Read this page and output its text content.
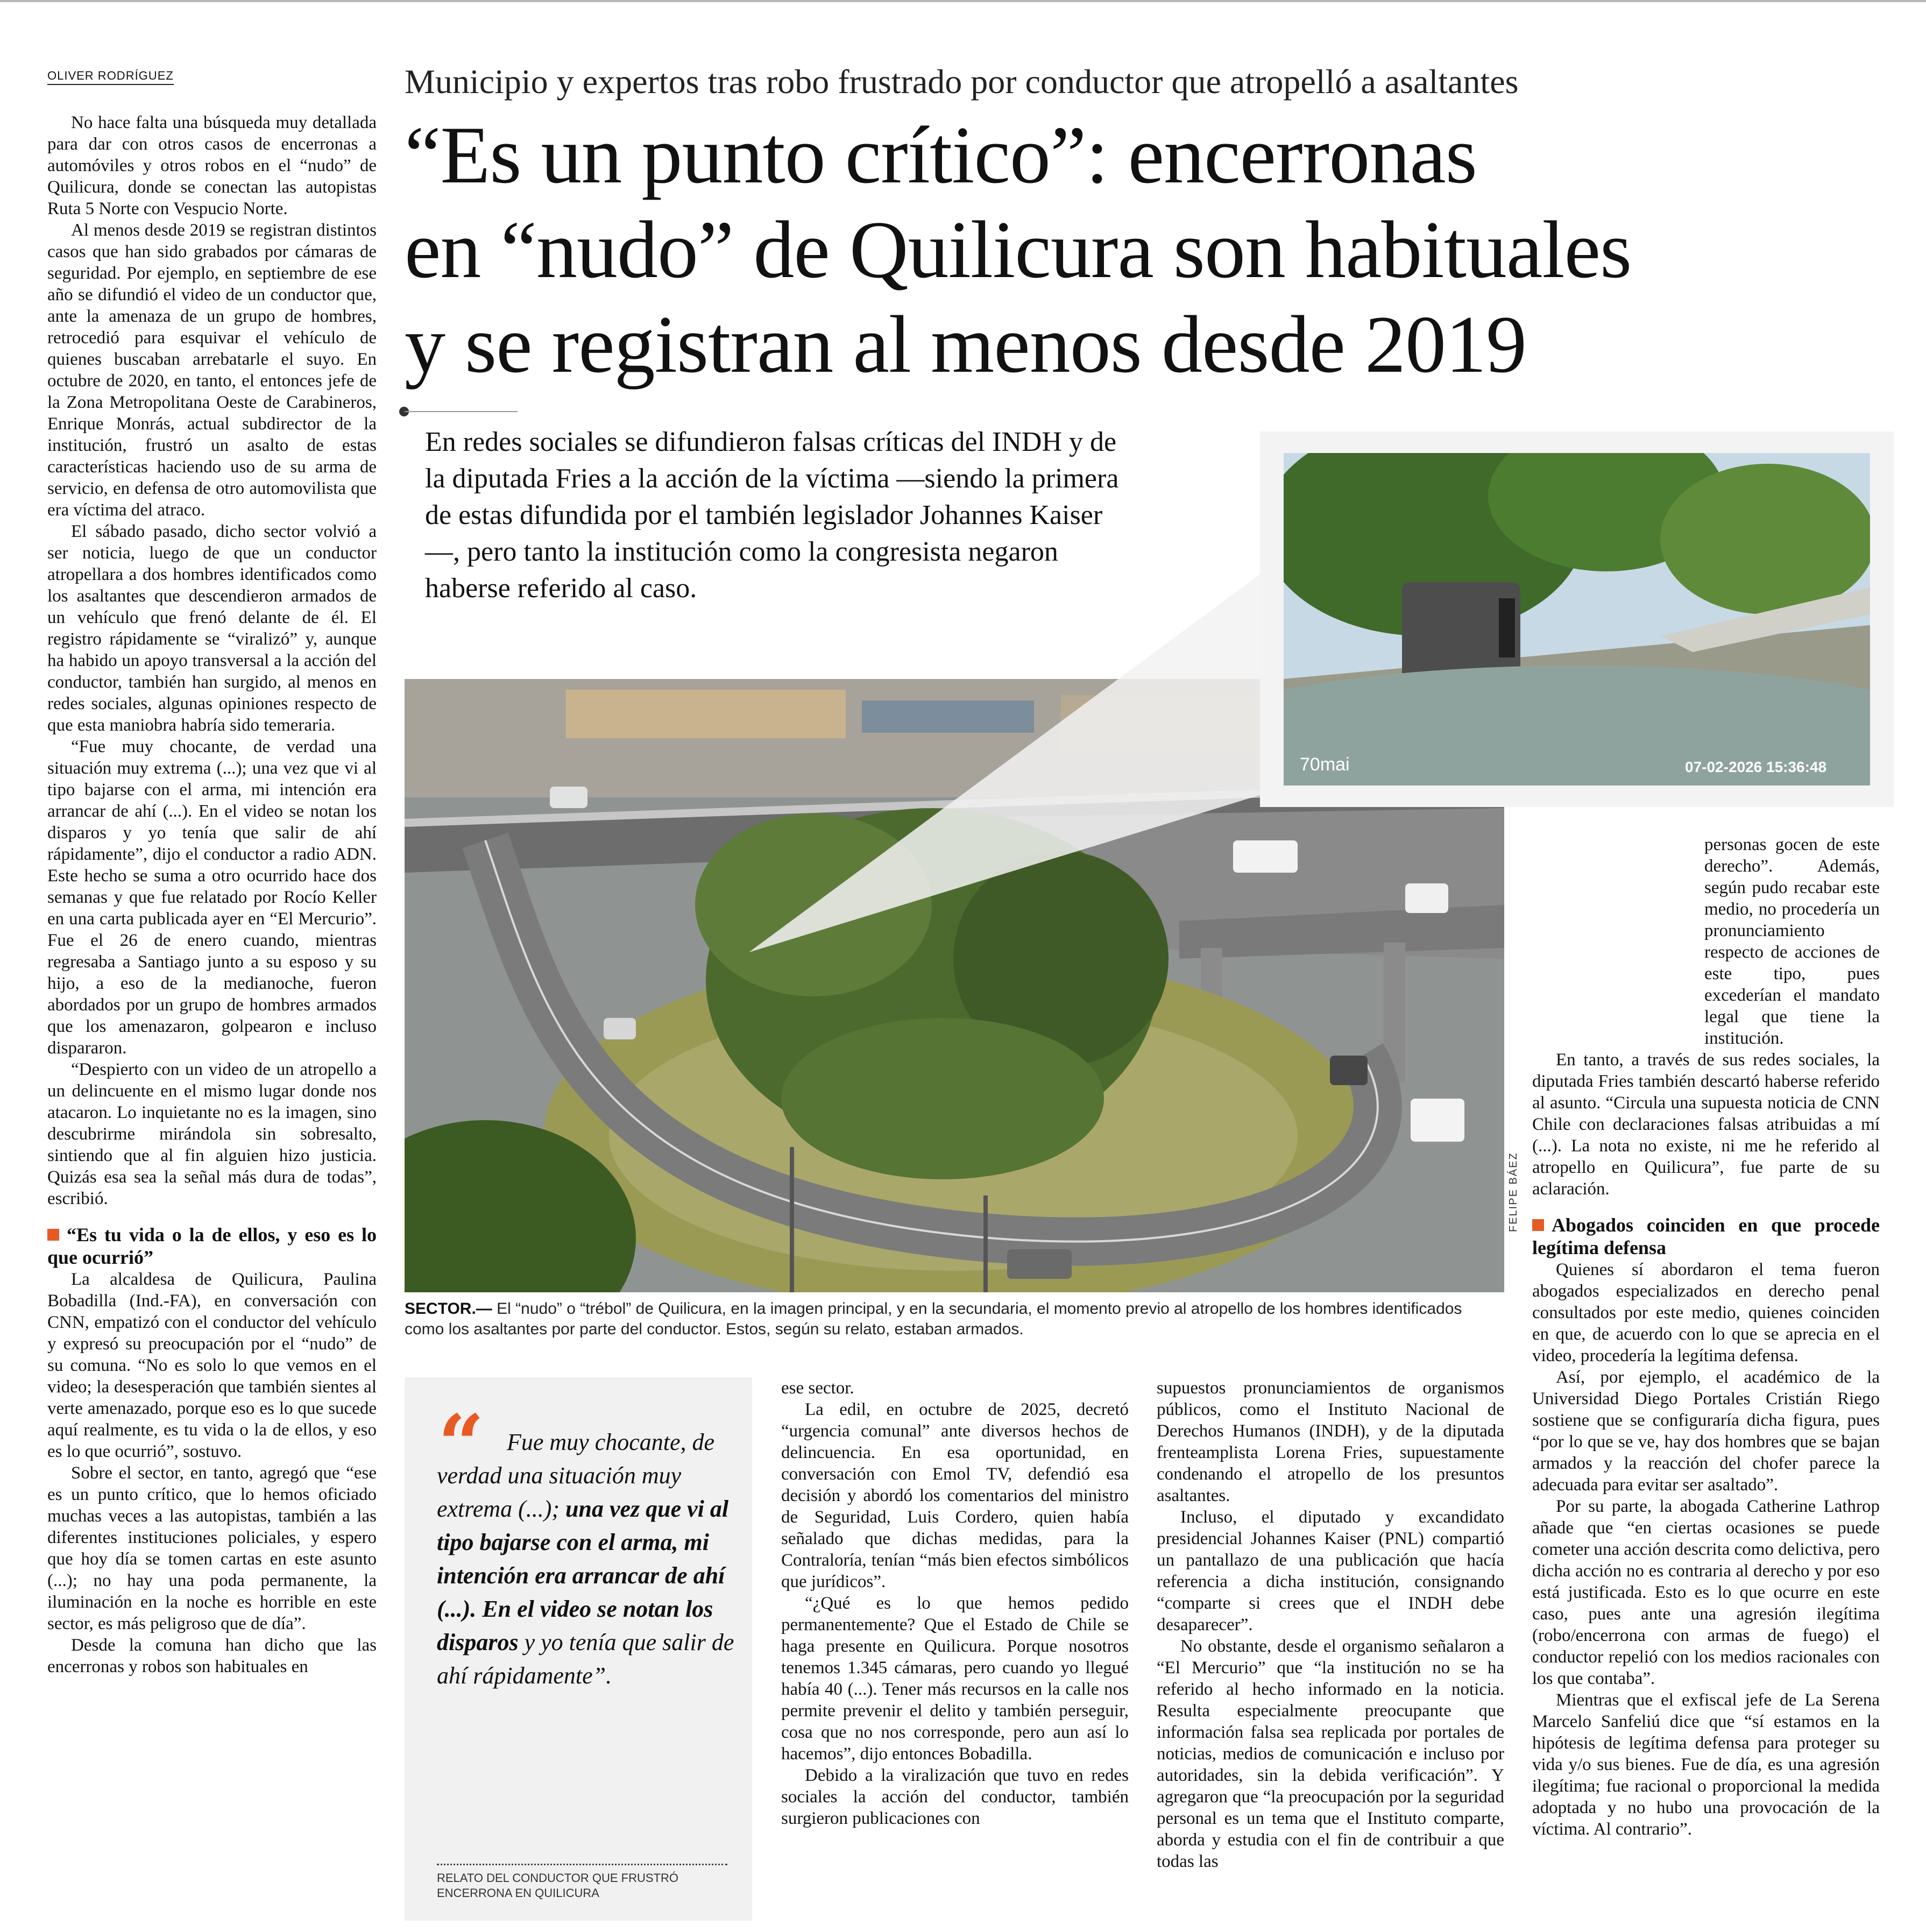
OLIVER RODRÍGUEZ	Municipio y expertos tras robo frustrado por conductor que atropelló a asaltantes
“Es un punto crítico”: encerronas
en “nudo” de Quilicura son habituales
y se registran al menos desde 2019
En redes sociales se difundieron falsas críticas del INDH y de la diputada Fries a la acción de la víctima —siendo la primera de estas difundida por el también legislador Johannes Kaiser—, pero tanto la institución como la congresista negaron haberse referido al caso.

No hace falta una búsqueda muy detallada para dar con otros casos de encerronas a automóviles y otros robos en el “nudo” de Quilicura, donde se conectan las autopistas Ruta 5 Norte con Vespucio Norte.

Al menos desde 2019 se registran distintos casos que han sido grabados por cámaras de seguridad. Por ejemplo, en septiembre de ese año se difundió el video de un conductor que, ante la amenaza de un grupo de hombres, retrocedió para esquivar el vehículo de quienes buscaban arrebatarle el suyo. En octubre de 2020, en tanto, el entonces jefe de la Zona Metropolitana Oeste de Carabineros, Enrique Monrás, actual subdirector de la institución, frustró un asalto de estas características haciendo uso de su arma de servicio, en defensa de otro automovilista que era víctima del atraco.

El sábado pasado, dicho sector volvió a ser noticia, luego de que un conductor atropellara a dos hombres identificados como los asaltantes que descendieron armados de un vehículo que frenó delante de él. El registro rápidamente se “viralizó” y, aunque ha habido un apoyo transversal a la acción del conductor, también han surgido, al menos en redes sociales, algunas opiniones respecto de que esta maniobra habría sido temeraria.

“Fue muy chocante, de verdad una situación muy extrema (...); una vez que vi al tipo bajarse con el arma, mi intención era arrancar de ahí (...). En el video se notan los disparos y yo tenía que salir de ahí rápidamente”, dijo el conductor a radio ADN. Este hecho se suma a otro ocurrido hace dos semanas y que fue relatado por Rocío Keller en una carta publicada ayer en “El Mercurio”. Fue el 26 de enero cuando, mientras regresaba a Santiago junto a su esposo y su hijo, a eso de la medianoche, fueron abordados por un grupo de hombres armados que los amenazaron, golpearon e incluso dispararon.

“Despierto con un video de un atropello a un delincuente en el mismo lugar donde nos atacaron. Lo inquietante no es la imagen, sino descubrirme mirándola sin sobresalto, sintiendo que al fin alguien hizo justicia. Quizás esa sea la señal más dura de todas”, escribió.

“Es tu vida o la de ellos, y eso es lo que ocurrió”

La alcaldesa de Quilicura, Paulina Bobadilla (Ind.-FA), en conversación con CNN, empatizó con el conductor del vehículo y expresó su preocupación por el “nudo” de su comuna. “No es solo lo que vemos en el video; la desesperación que también sientes al verte amenazado, porque eso es lo que sucede aquí realmente, es tu vida o la de ellos, y eso es lo que ocurrió”, sostuvo.

Sobre el sector, en tanto, agregó que “ese es un punto crítico, que lo hemos oficiado muchas veces a las autopistas, también a las diferentes instituciones policiales, y espero que hoy día se tomen cartas en este asunto (...); no hay una poda permanente, la iluminación en la noche es horrible en este sector, es más peligroso que de día”.

Desde la comuna han dicho que las encerronas y robos son habituales en

70mai	07-02-2026 15:36:48
FELIPE BÁEZ
SECTOR.— El “nudo” o “trébol” de Quilicura, en la imagen principal, y en la secundaria, el momento previo al atropello de los hombres identificados como los asaltantes por parte del conductor. Estos, según su relato, estaban armados.
“ Fue muy chocante, de verdad una situación muy extrema (...); una vez que vi al tipo bajarse con el arma, mi intención era arrancar de ahí (...). En el video se notan los disparos y yo tenía que salir de ahí rápidamente”.
RELATO DEL CONDUCTOR QUE FRUSTRÓ ENCERRONA EN QUILICURA

ese sector.

La edil, en octubre de 2025, decretó “urgencia comunal” ante diversos hechos de delincuencia. En esa oportunidad, en conversación con Emol TV, defendió esa decisión y abordó los comentarios del ministro de Seguridad, Luis Cordero, quien había señalado que dichas medidas, para la Contraloría, tenían “más bien efectos simbólicos que jurídicos”.

“¿Qué es lo que hemos pedido permanentemente? Que el Estado de Chile se haga presente en Quilicura. Porque nosotros tenemos 1.345 cámaras, pero cuando yo llegué había 40 (...). Tener más recursos en la calle nos permite prevenir el delito y también perseguir, cosa que no nos corresponde, pero aun así lo hacemos”, dijo entonces Bobadilla.

Debido a la viralización que tuvo en redes sociales la acción del conductor, también surgieron publicaciones con

supuestos pronunciamientos de organismos públicos, como el Instituto Nacional de Derechos Humanos (INDH), y de la diputada frenteamplista Lorena Fries, supuestamente condenando el atropello de los presuntos asaltantes.

Incluso, el diputado y excandidato presidencial Johannes Kaiser (PNL) compartió un pantallazo de una publicación que hacía referencia a dicha institución, consignando “comparte si crees que el INDH debe desaparecer”.

No obstante, desde el organismo señalaron a “El Mercurio” que “la institución no se ha referido al hecho informado en la noticia. Resulta especialmente preocupante que información falsa sea replicada por portales de noticias, medios de comunicación e incluso por autoridades, sin la debida verificación”. Y agregaron que “la preocupación por la seguridad personal es un tema que el Instituto comparte, aborda y estudia con el fin de contribuir a que todas las

personas gocen de este derecho”. Además, según pudo recabar este medio, no procedería un pronunciamiento respecto de acciones de este tipo, pues excederían el mandato legal que tiene la institución.

En tanto, a través de sus redes sociales, la diputada Fries también descartó haberse referido al asunto. “Circula una supuesta noticia de CNN Chile con declaraciones falsas atribuidas a mí (...). La nota no existe, ni me he referido al atropello en Quilicura”, fue parte de su aclaración.

Abogados coinciden en que procede legítima defensa

Quienes sí abordaron el tema fueron abogados especializados en derecho penal consultados por este medio, quienes coinciden en que, de acuerdo con lo que se aprecia en el video, procedería la legítima defensa.

Así, por ejemplo, el académico de la Universidad Diego Portales Cristián Riego sostiene que se configuraría dicha figura, pues “por lo que se ve, hay dos hombres que se bajan armados y la reacción del chofer parece la adecuada para evitar ser asaltado”.

Por su parte, la abogada Catherine Lathrop añade que “en ciertas ocasiones se puede cometer una acción descrita como delictiva, pero dicha acción no es contraria al derecho y por eso está justificada. Esto es lo que ocurre en este caso, pues ante una agresión ilegítima (robo/encerrona con armas de fuego) el conductor repelió con los medios racionales con los que contaba”.

Mientras que el exfiscal jefe de La Serena Marcelo Sanfeliú dice que “sí estamos en la hipótesis de legítima defensa para proteger su vida y/o sus bienes. Fue de día, es una agresión ilegítima; fue racional o proporcional la medida adoptada y no hubo una provocación de la víctima. Al contrario”.
